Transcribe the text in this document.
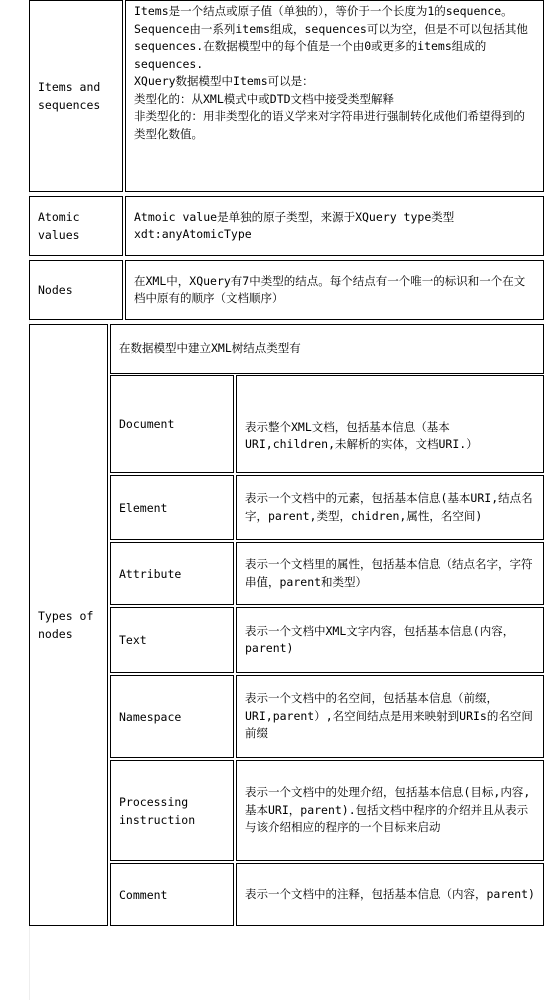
Items and
sequences

Items是一个结点或原子值（单独的），等价于一个长度为1的sequence。

Sequence由一系列items组成，sequences可以为空，但是不可以包括其他sequences.在数据模型中的每个值是一个由0或更多的items组成的sequences.

XQuery数据模型中Items可以是：

类型化的：从XML模式中或DTD文档中接受类型解释

非类型化的：用非类型化的语义学来对字符串进行强制转化成他们希望得到的类型化数值。

Atomic
values

Atmoic value是单独的原子类型，来源于XQuery type类型

xdt:anyAtomicType

Nodes

在XML中，XQuery有7中类型的结点。每个结点有一个唯一的标识和一个在文档中原有的顺序（文档顺序）

Types of
nodes

在数据模型中建立XML树结点类型有

Document	表示整个XML文档，包括基本信息（基本URI,children,未解析的实体，文档URI.）

Element

表示一个文档中的元素，包括基本信息(基本URI,结点名字，parent,类型，chidren,属性，名空间)

Attribute

表示一个文档里的属性，包括基本信息（结点名字，字符串值，parent和类型）

Text

表示一个文档中XML文字内容，包括基本信息(内容，parent)

Namespace

表示一个文档中的名空间，包括基本信息（前缀，URI,parent）,名空间结点是用来映射到URIs的名空间前缀

Processing
instruction

表示一个文档中的处理介绍，包括基本信息(目标,内容,基本URI，parent).包括文档中程序的介绍并且从表示与该介绍相应的程序的一个目标来启动

Comment	表示一个文档中的注释，包括基本信息（内容，parent)
